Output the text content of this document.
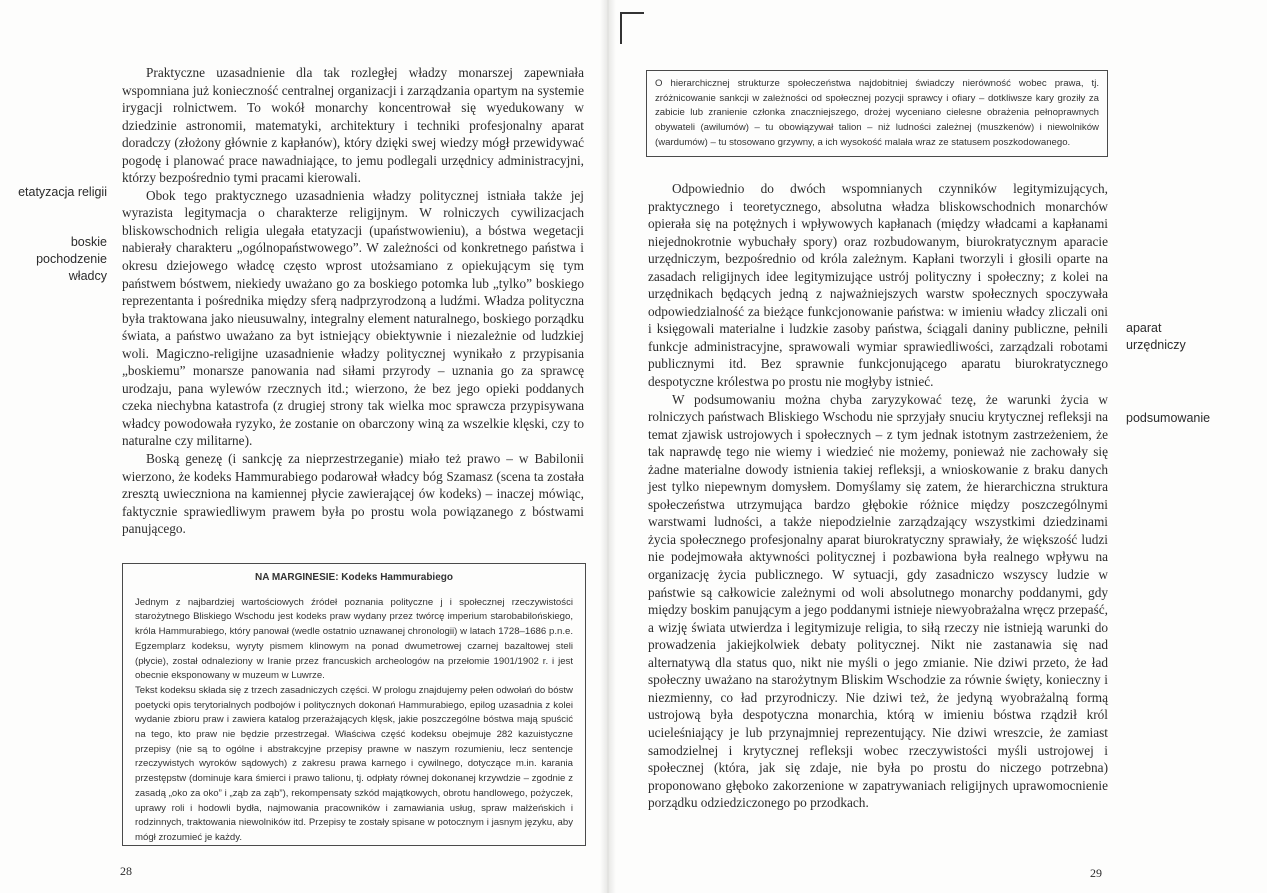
Praktyczne uzasadnienie dla tak rozległej władzy monarszej zapewniała wspomniana już konieczność centralnej organizacji i zarządzania opartym na systemie irygacji rolnictwem. To wokół monarchy koncentrował się wyedukowany w dziedzinie astronomii, matematyki, architektury i techniki profesjonalny aparat doradczy (złożony głównie z kapłanów), który dzięki swej wiedzy mógł przewidywać pogodę i planować prace nawadniające, to jemu podlegali urzędnicy administracyjni, którzy bezpośrednio tymi pracami kierowali.

Obok tego praktycznego uzasadnienia władzy politycznej istniała także jej wyrazista legitymacja o charakterze religijnym. W rolniczych cywilizacjach bliskowschodnich religia ulegała etatyzacji (upaństwowieniu), a bóstwa wegetacji nabierały charakteru „ogólnopaństwowego”. W zależności od konkretnego państwa i okresu dziejowego władcę często wprost utożsamiano z opiekującym się tym państwem bóstwem, niekiedy uważano go za boskiego potomka lub „tylko” boskiego reprezentanta i pośrednika między sferą nadprzyrodzoną a ludźmi. Władza polityczna była traktowana jako nieusuwalny, integralny element naturalnego, boskiego porządku świata, a państwo uważano za byt istniejący obiektywnie i niezależnie od ludzkiej woli. Magiczno-religijne uzasadnienie władzy politycznej wynikało z przypisania „boskiemu” monarsze panowania nad siłami przyrody – uznania go za sprawcę urodzaju, pana wylewów rzecznych itd.; wierzono, że bez jego opieki poddanych czeka niechybna katastrofa (z drugiej strony tak wielka moc sprawcza przypisywana władcy powodowała ryzyko, że zostanie on obarczony winą za wszelkie klęski, czy to naturalne czy militarne).

Boską genezę (i sankcję za nieprzestrzeganie) miało też prawo – w Babilonii wierzono, że kodeks Hammurabiego podarował władcy bóg Szamasz (scena ta została zresztą uwieczniona na kamiennej płycie zawierającej ów kodeks) – inaczej mówiąc, faktycznie sprawiedliwym prawem była po prostu wola powiązanego z bóstwami panującego.

etatyzacja religii
boskie
pochodzenie
władcy
NA MARGINESIE: Kodeks Hammurabiego

Jednym z najbardziej wartościowych źródeł poznania polityczne j i społecznej rzeczywistości starożytnego Bliskiego Wschodu jest kodeks praw wydany przez twórcę imperium starobabilońskiego, króla Hammurabiego, który panował (wedle ostatnio uznawanej chronologii) w latach 1728–1686 p.n.e. Egzemplarz kodeksu, wyryty pismem klinowym na ponad dwumetrowej czarnej bazaltowej steli (płycie), został odnaleziony w Iranie przez francuskich archeologów na przełomie 1901/1902 r. i jest obecnie eksponowany w muzeum w Luwrze.

Tekst kodeksu składa się z trzech zasadniczych części. W prologu znajdujemy pełen odwołań do bóstw poetycki opis terytorialnych podbojów i politycznych dokonań Hammurabiego, epilog uzasadnia z kolei wydanie zbioru praw i zawiera katalog przerażających klęsk, jakie poszczególne bóstwa mają spuścić na tego, kto praw nie będzie przestrzegał. Właściwa część kodeksu obejmuje 282 kazuistyczne przepisy (nie są to ogólne i abstrakcyjne przepisy prawne w naszym rozumieniu, lecz sentencje rzeczywistych wyroków sądowych) z zakresu prawa karnego i cywilnego, dotyczące m.in. karania przestępstw (dominuje kara śmierci i prawo talionu, tj. odpłaty równej dokonanej krzywdzie – zgodnie z zasadą „oko za oko” i „ząb za ząb”), rekompensaty szkód majątkowych, obrotu handlowego, pożyczek, uprawy roli i hodowli bydła, najmowania pracowników i zamawiania usług, spraw małżeńskich i rodzinnych, traktowania niewolników itd. Przepisy te zostały spisane w potocznym i jasnym języku, aby mógł zrozumieć je każdy.

28

O hierarchicznej strukturze społeczeństwa najdobitniej świadczy nierówność wobec prawa, tj. zróżnicowanie sankcji w zależności od społecznej pozycji sprawcy i ofiary – dotkliwsze kary groziły za zabicie lub zranienie członka znaczniejszego, drożej wyceniano cielesne obrażenia pełnoprawnych obywateli (awilumów) – tu obowiązywał talion – niż ludności zależnej (muszkenów) i niewolników (wardumów) – tu stosowano grzywny, a ich wysokość malała wraz ze statusem poszkodowanego.

Odpowiednio do dwóch wspomnianych czynników legitymizujących, praktycznego i teoretycznego, absolutna władza bliskowschodnich monarchów opierała się na potężnych i wpływowych kapłanach (między władcami a kapłanami niejednokrotnie wybuchały spory) oraz rozbudowanym, biurokratycznym aparacie urzędniczym, bezpośrednio od króla zależnym. Kapłani tworzyli i głosili oparte na zasadach religijnych idee legitymizujące ustrój polityczny i społeczny; z kolei na urzędnikach będących jedną z najważniejszych warstw społecznych spoczywała odpowiedzialność za bieżące funkcjonowanie państwa: w imieniu władcy zliczali oni i księgowali materialne i ludzkie zasoby państwa, ściągali daniny publiczne, pełnili funkcje administracyjne, sprawowali wymiar sprawiedliwości, zarządzali robotami publicznymi itd. Bez sprawnie funkcjonującego aparatu biurokratycznego despotyczne królestwa po prostu nie mogłyby istnieć.

W podsumowaniu można chyba zaryzykować tezę, że warunki życia w rolniczych państwach Bliskiego Wschodu nie sprzyjały snuciu krytycznej refleksji na temat zjawisk ustrojowych i społecznych – z tym jednak istotnym zastrzeżeniem, że tak naprawdę tego nie wiemy i wiedzieć nie możemy, ponieważ nie zachowały się żadne materialne dowody istnienia takiej refleksji, a wnioskowanie z braku danych jest tylko niepewnym domysłem. Domyślamy się zatem, że hierarchiczna struktura społeczeństwa utrzymująca bardzo głębokie różnice między poszczególnymi warstwami ludności, a także niepodzielnie zarządzający wszystkimi dziedzinami życia społecznego profesjonalny aparat biurokratyczny sprawiały, że większość ludzi nie podejmowała aktywności politycznej i pozbawiona była realnego wpływu na organizację życia publicznego. W sytuacji, gdy zasadniczo wszyscy ludzie w państwie są całkowicie zależnymi od woli absolutnego monarchy poddanymi, gdy między boskim panującym a jego poddanymi istnieje niewyobrażalna wręcz przepaść, a wizję świata utwierdza i legitymizuje religia, to siłą rzeczy nie istnieją warunki do prowadzenia jakiejkolwiek debaty politycznej. Nikt nie zastanawia się nad alternatywą dla status quo, nikt nie myśli o jego zmianie. Nie dziwi przeto, że ład społeczny uważano na starożytnym Bliskim Wschodzie za równie święty, konieczny i niezmienny, co ład przyrodniczy. Nie dziwi też, że jedyną wyobrażalną formą ustrojową była despotyczna monarchia, którą w imieniu bóstwa rządził król ucieleśniający je lub przynajmniej reprezentujący. Nie dziwi wreszcie, że zamiast samodzielnej i krytycznej refleksji wobec rzeczywistości myśli ustrojowej i społecznej (która, jak się zdaje, nie była po prostu do niczego potrzebna) proponowano głęboko zakorzenione w zapatrywaniach religijnych uprawomocnienie porządku odziedziczonego po przodkach.

aparat
urzędniczy
podsumowanie
29
